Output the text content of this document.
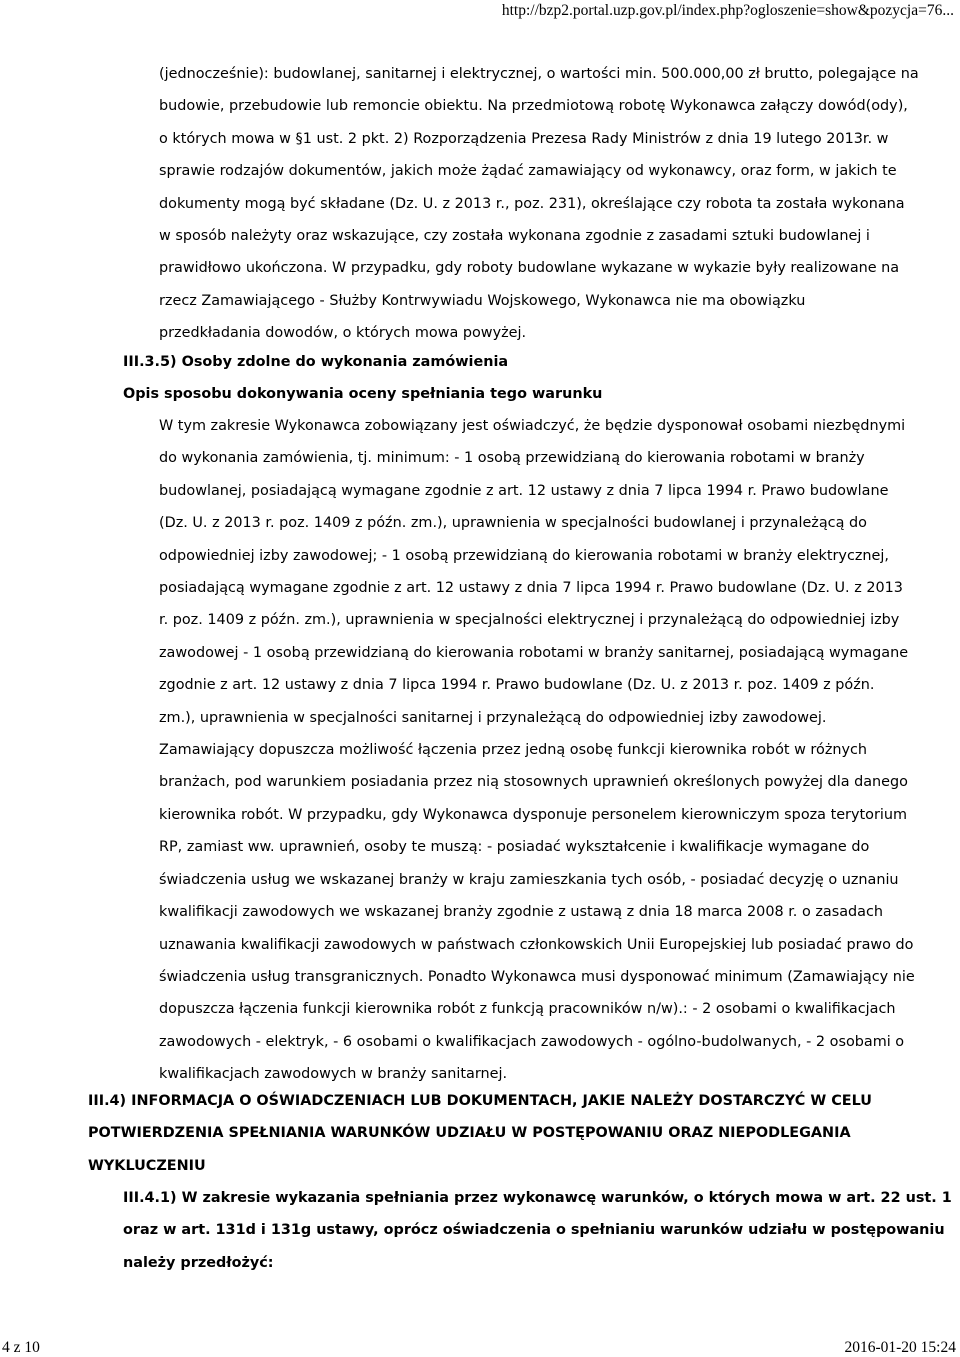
http://bzp2.portal.uzp.gov.pl/index.php?ogloszenie=show&pozycja=76...
(jednocześnie): budowlanej, sanitarnej i elektrycznej, o wartości min. 500.000,00 zł brutto, polegające na
budowie, przebudowie lub remoncie obiektu. Na przedmiotową robotę Wykonawca załączy dowód(ody),
o których mowa w §1 ust. 2 pkt. 2) Rozporządzenia Prezesa Rady Ministrów z dnia 19 lutego 2013r. w
sprawie rodzajów dokumentów, jakich może żądać zamawiający od wykonawcy, oraz form, w jakich te
dokumenty mogą być składane (Dz. U. z 2013 r., poz. 231), określające czy robota ta została wykonana
w sposób należyty oraz wskazujące, czy została wykonana zgodnie z zasadami sztuki budowlanej i
prawidłowo ukończona. W przypadku, gdy roboty budowlane wykazane w wykazie były realizowane na
rzecz Zamawiającego - Służby Kontrwywiadu Wojskowego, Wykonawca nie ma obowiązku
przedkładania dowodów, o których mowa powyżej.
III.3.5) Osoby zdolne do wykonania zamówienia
Opis sposobu dokonywania oceny spełniania tego warunku
W tym zakresie Wykonawca zobowiązany jest oświadczyć, że będzie dysponował osobami niezbędnymi
do wykonania zamówienia, tj. minimum: - 1 osobą przewidzianą do kierowania robotami w branży
budowlanej, posiadającą wymagane zgodnie z art. 12 ustawy z dnia 7 lipca 1994 r. Prawo budowlane
(Dz. U. z 2013 r. poz. 1409 z późn. zm.), uprawnienia w specjalności budowlanej i przynależącą do
odpowiedniej izby zawodowej; - 1 osobą przewidzianą do kierowania robotami w branży elektrycznej,
posiadającą wymagane zgodnie z art. 12 ustawy z dnia 7 lipca 1994 r. Prawo budowlane (Dz. U. z 2013
r. poz. 1409 z późn. zm.), uprawnienia w specjalności elektrycznej i przynależącą do odpowiedniej izby
zawodowej - 1 osobą przewidzianą do kierowania robotami w branży sanitarnej, posiadającą wymagane
zgodnie z art. 12 ustawy z dnia 7 lipca 1994 r. Prawo budowlane (Dz. U. z 2013 r. poz. 1409 z późn.
zm.), uprawnienia w specjalności sanitarnej i przynależącą do odpowiedniej izby zawodowej.
Zamawiający dopuszcza możliwość łączenia przez jedną osobę funkcji kierownika robót w różnych
branżach, pod warunkiem posiadania przez nią stosownych uprawnień określonych powyżej dla danego
kierownika robót. W przypadku, gdy Wykonawca dysponuje personelem kierowniczym spoza terytorium
RP, zamiast ww. uprawnień, osoby te muszą: - posiadać wykształcenie i kwalifikacje wymagane do
świadczenia usług we wskazanej branży w kraju zamieszkania tych osób, - posiadać decyzję o uznaniu
kwalifikacji zawodowych we wskazanej branży zgodnie z ustawą z dnia 18 marca 2008 r. o zasadach
uznawania kwalifikacji zawodowych w państwach członkowskich Unii Europejskiej lub posiadać prawo do
świadczenia usług transgranicznych. Ponadto Wykonawca musi dysponować minimum (Zamawiający nie
dopuszcza łączenia funkcji kierownika robót z funkcją pracowników n/w).: - 2 osobami o kwalifikacjach
zawodowych - elektryk, - 6 osobami o kwalifikacjach zawodowych - ogólno-budolwanych, - 2 osobami o
kwalifikacjach zawodowych w branży sanitarnej.
III.4) INFORMACJA O OŚWIADCZENIACH LUB DOKUMENTACH, JAKIE NALEŻY DOSTARCZYĆ W CELU
POTWIERDZENIA SPEŁNIANIA WARUNKÓW UDZIAŁU W POSTĘPOWANIU ORAZ NIEPODLEGANIA
WYKLUCZENIU
III.4.1) W zakresie wykazania spełniania przez wykonawcę warunków, o których mowa w art. 22 ust. 1
oraz w art. 131d i 131g ustawy, oprócz oświadczenia o spełnianiu warunków udziału w postępowaniu
należy przedłożyć:
4 z 10	2016-01-20 15:24
